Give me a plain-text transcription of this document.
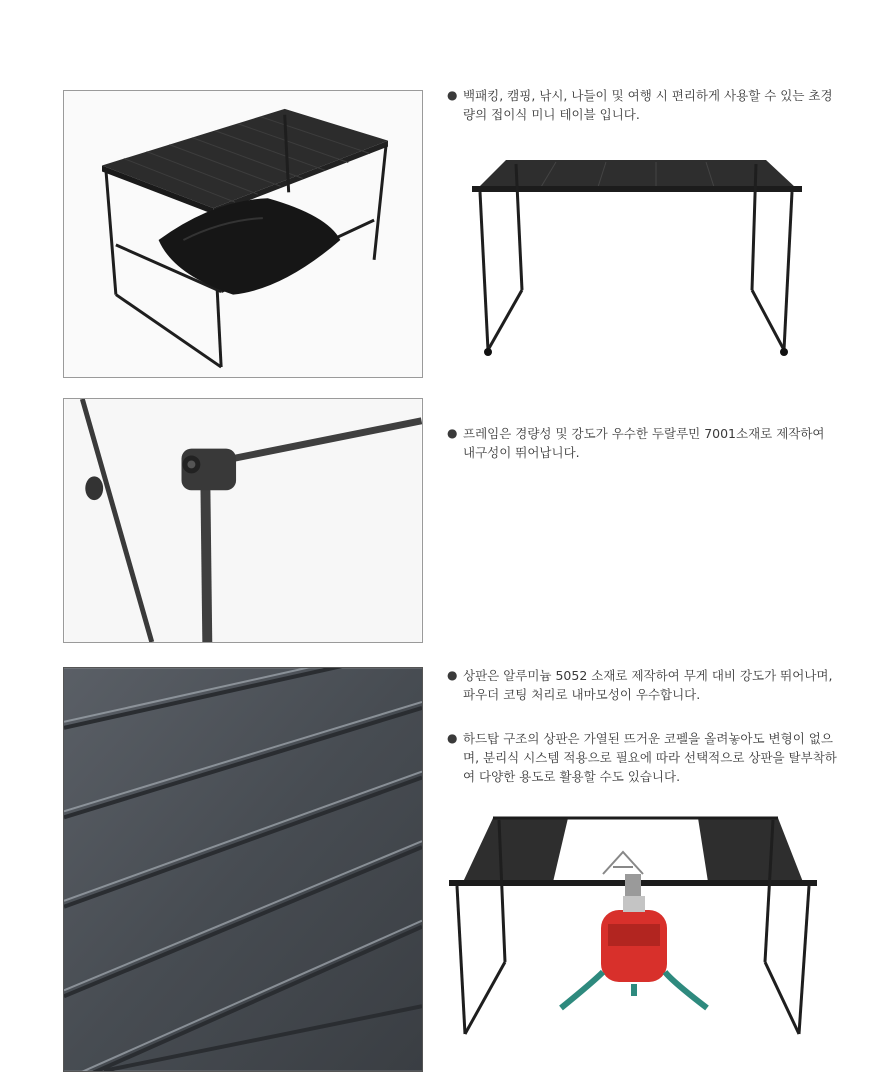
● 백패킹, 캠핑, 낚시, 나들이 및 여행 시 편리하게 사용할 수 있는 초경량의 접이식 미니 테이블 입니다.
● 프레임은 경량성 및 강도가 우수한 두랄루민 7001소재로 제작하여 내구성이 뛰어납니다.
● 상판은 알루미늄 5052 소재로 제작하여 무게 대비 강도가 뛰어나며, 파우더 코팅 처리로 내마모성이 우수합니다.
● 하드탑 구조의 상판은 가열된 뜨거운 코펠을 올려놓아도 변형이 없으며, 분리식 시스템 적용으로 필요에 따라 선택적으로 상판을 탈부착하여 다양한 용도로 활용할 수도 있습니다.
